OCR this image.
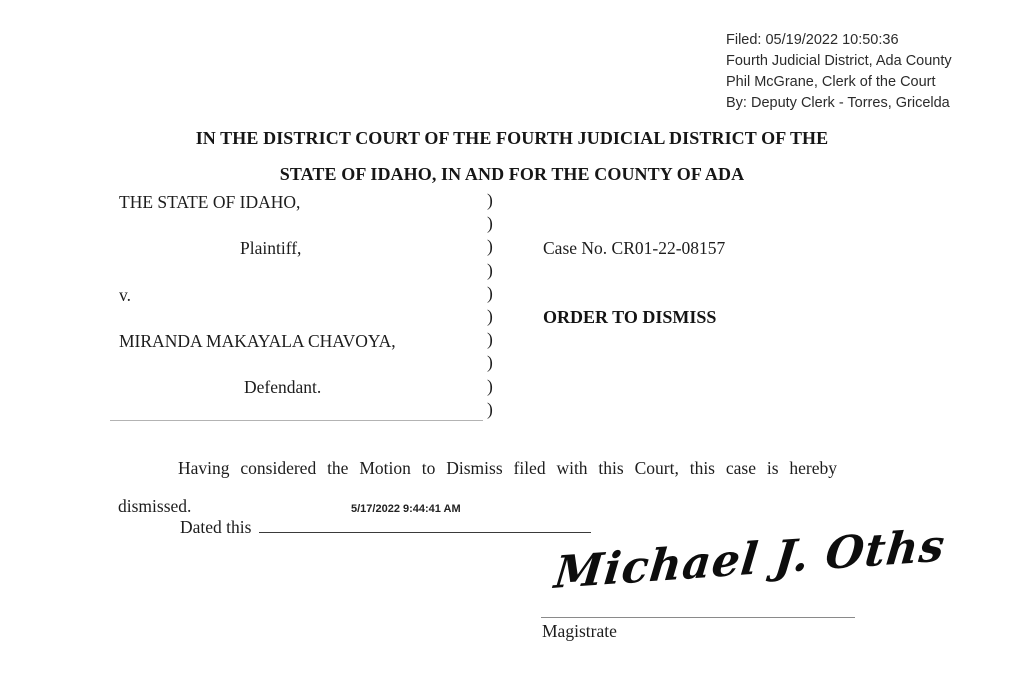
Filed: 05/19/2022 10:50:36
Fourth Judicial District, Ada County
Phil McGrane, Clerk of the Court
By: Deputy Clerk - Torres, Gricelda
IN THE DISTRICT COURT OF THE FOURTH JUDICIAL DISTRICT OF THE
STATE OF IDAHO, IN AND FOR THE COUNTY OF ADA
THE STATE OF IDAHO,
Plaintiff,
v.
MIRANDA MAKAYALA CHAVOYA,
Defendant.
)
)
)
)
)
)
)
)
)
)
Case No. CR01-22-08157
ORDER TO DISMISS
Having considered the Motion to Dismiss filed with this Court, this case is hereby
dismissed.	5/17/2022 9:44:41 AM
Dated this	Michael J. Oths
Magistrate
